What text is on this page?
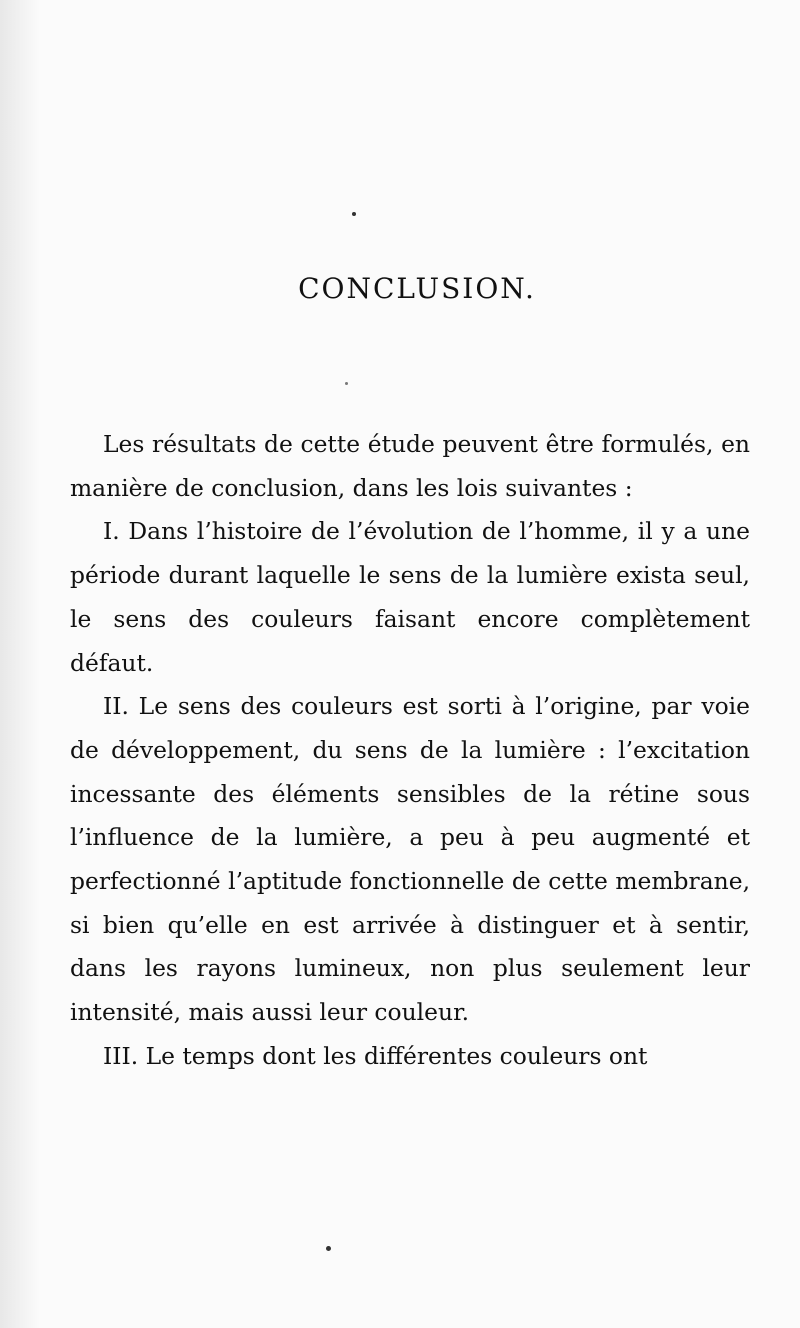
CONCLUSION.

Les résultats de cette étude peuvent être formulés, en manière de conclusion, dans les lois suivantes :

I. Dans l’histoire de l’évolution de l’homme, il y a une période durant laquelle le sens de la lumière exista seul, le sens des couleurs faisant encore complètement défaut.

II. Le sens des couleurs est sorti à l’origine, par voie de développement, du sens de la lumière : l’excitation incessante des éléments sensibles de la rétine sous l’influence de la lumière, a peu à peu augmenté et perfectionné l’aptitude fonctionnelle de cette membrane, si bien qu’elle en est arrivée à distinguer et à sentir, dans les rayons lumineux, non plus seulement leur intensité, mais aussi leur couleur.

III. Le temps dont les différentes couleurs ont
